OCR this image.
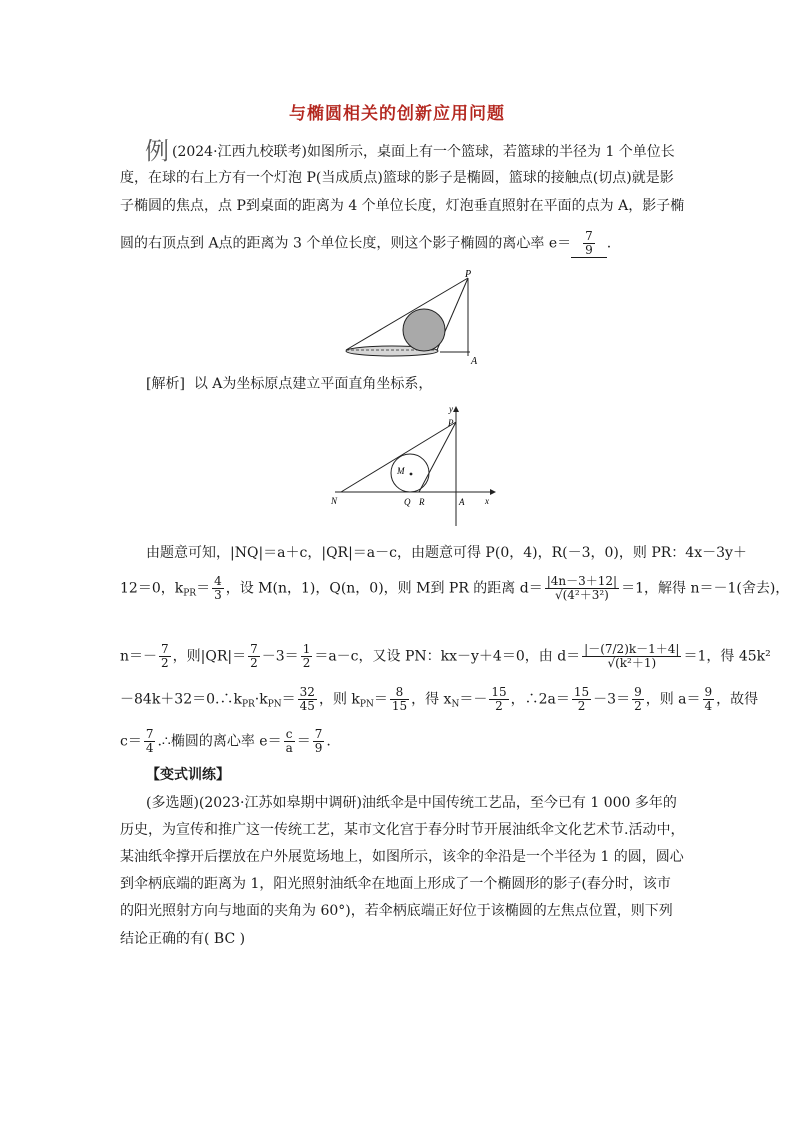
与椭圆相关的创新应用问题
例 (2024·江西九校联考)如图所示，桌面上有一个篮球，若篮球的半径为 1 个单位长
度，在球的右上方有一个灯泡 P(当成质点)篮球的影子是椭圆，篮球的接触点(切点)就是影
子椭圆的焦点，点 P到桌面的距离为 4 个单位长度，灯泡垂直照射在平面的点为 A，影子椭
圆的右顶点到 A点的距离为 3 个单位长度，则这个影子椭圆的离心率 $e= \frac{7}{9}$ .
P
A
[解析] 以 A为坐标原点建立平面直角坐标系，
y
x
P
M
N	Q R	A
由题意可知，|NQ|＝a＋c，|QR|＝a－c，由题意可得 P(0，4)，R(－3，0)，则 PR：4x－3y＋
12＝0，$k_{PR}= \frac{4}{3}$ ，设 M(n，1)，Q(n，0)，则 M到 PR 的距离 $d= \frac{|4n-3+12|}{\text{√(4²＋3²)}} =1$，解得 n＝－1(舍去)，
$n=- \frac{7}{2}$ ，则$|QR|= \frac{7}{2} -3= \frac{1}{2} =a-c$，又设 PN：kx－y＋4＝0，由 $d= \frac{|-(7/2)k-1+4|}{\text{√(k²＋1)}} =1$，得 45k²
$-84k+32=0.\therefore k_{PR}\cdot k_{PN}= \frac{32}{45}$ ，则 $k_{PN}= \frac{8}{15}$ ，得 $x_N=- \frac{15}{2}$ ，∴2a＝ $\frac{15}{2} -3= \frac{9}{2}$ ，则 $a= \frac{9}{4}$ ，故得
$c= \frac{7}{4}$ .∴椭圆的离心率 $e= \frac{c}{a} = \frac{7}{9}$ .
【变式训练】
(多选题)(2023·江苏如皋期中调研)油纸伞是中国传统工艺品，至今已有 1 000 多年的
历史，为宣传和推广这一传统工艺，某市文化宫于春分时节开展油纸伞文化艺术节.活动中，
某油纸伞撑开后摆放在户外展览场地上，如图所示，该伞的伞沿是一个半径为 1 的圆，圆心
到伞柄底端的距离为 1，阳光照射油纸伞在地面上形成了一个椭圆形的影子(春分时，该市
的阳光照射方向与地面的夹角为 60°)，若伞柄底端正好位于该椭圆的左焦点位置，则下列
结论正确的有( BC )
